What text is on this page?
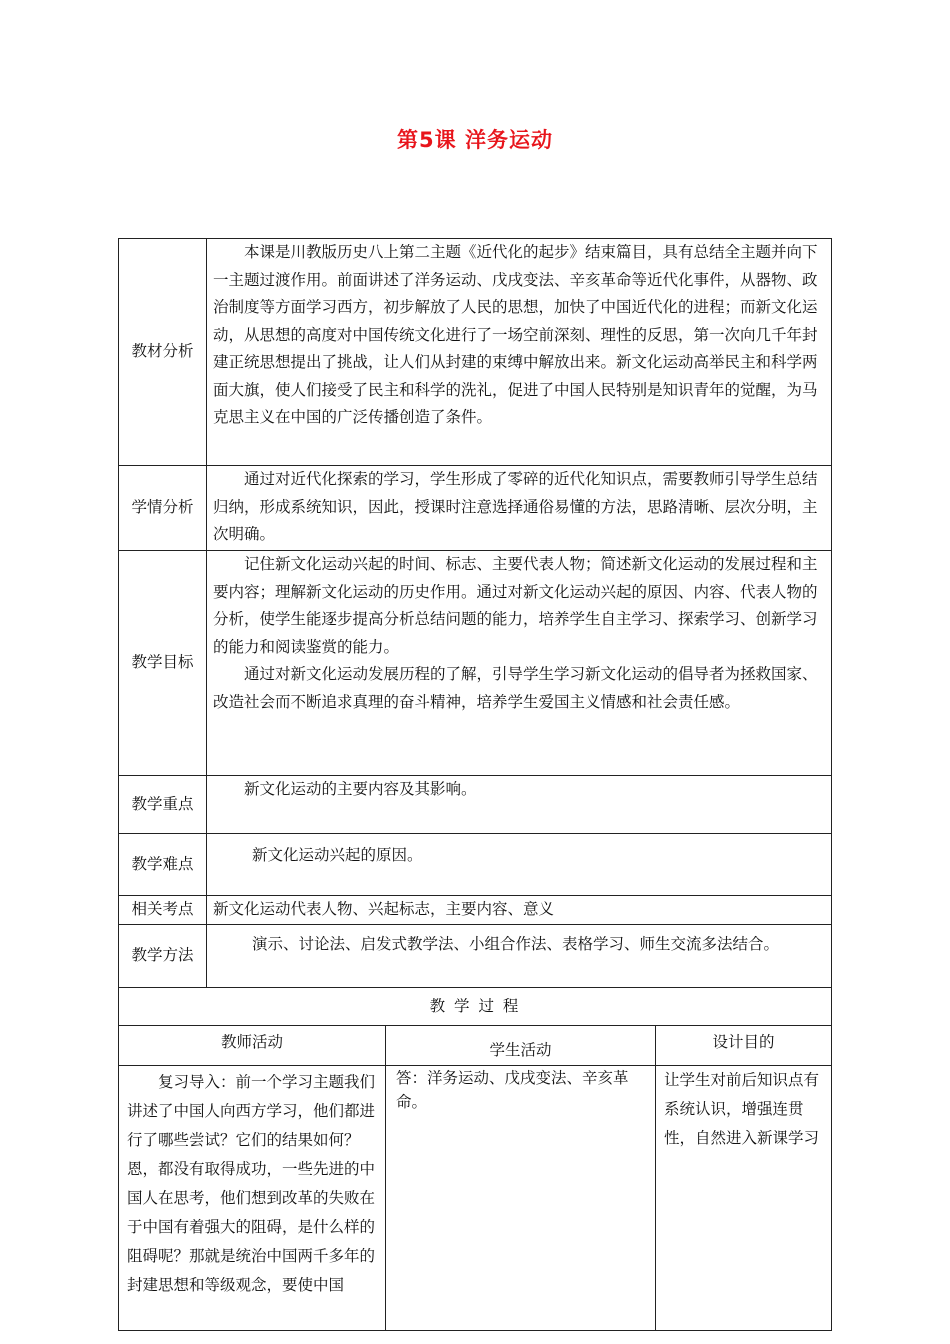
第5课 洋务运动
教材分析	本课是川教版历史八上第二主题《近代化的起步》结束篇目，具有总结全主题并向下一主题过渡作用。前面讲述了洋务运动、戊戌变法、辛亥革命等近代化事件，从器物、政治制度等方面学习西方，初步解放了人民的思想，加快了中国近代化的进程；而新文化运动，从思想的高度对中国传统文化进行了一场空前深刻、理性的反思，第一次向几千年封建正统思想提出了挑战，让人们从封建的束缚中解放出来。新文化运动高举民主和科学两面大旗，使人们接受了民主和科学的洗礼，促进了中国人民特别是知识青年的觉醒，为马克思主义在中国的广泛传播创造了条件。

学情分析	通过对近代化探索的学习，学生形成了零碎的近代化知识点，需要教师引导学生总结归纳，形成系统知识，因此，授课时注意选择通俗易懂的方法，思路清晰、层次分明，主次明确。

教学目标	记住新文化运动兴起的时间、标志、主要代表人物；简述新文化运动的发展过程和主要内容；理解新文化运动的历史作用。通过对新文化运动兴起的原因、内容、代表人物的分析，使学生能逐步提高分析总结问题的能力，培养学生自主学习、探索学习、创新学习的能力和阅读鉴赏的能力。

通过对新文化运动发展历程的了解，引导学生学习新文化运动的倡导者为拯救国家、改造社会而不断追求真理的奋斗精神，培养学生爱国主义情感和社会责任感。

教学重点	新文化运动的主要内容及其影响。

教学难点	新文化运动兴起的原因。

相关考点	新文化运动代表人物、兴起标志，主要内容、意义

教学方法	演示、讨论法、启发式教学法、小组合作法、表格学习、师生交流多法结合。

教 学 过 程	
教师活动	学生活动	设计目的

复习导入：前一个学习主题我们讲述了中国人向西方学习，他们都进行了哪些尝试？它们的结果如何？ 恩，都没有取得成功，一些先进的中国人在思考，他们想到改革的失败在于中国有着强大的阻碍，是什么样的阻碍呢？那就是统治中国两千多年的封建思想和等级观念，要使中国	答：洋务运动、戊戌变法、辛亥革命。	让学生对前后知识点有系统认识，增强连贯性，自然进入新课学习
